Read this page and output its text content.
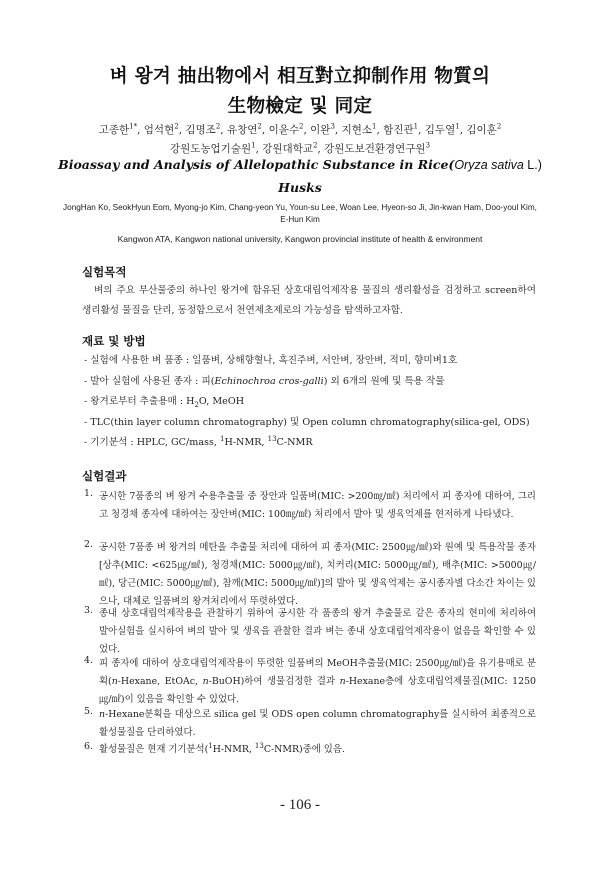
벼 왕겨 抽出物에서 相互對立抑制作用 物質의
生物檢定 및 同定
고종한$^{1*}$, 엄석현$^2$, 김명조$^2$, 유창연$^2$, 이윤수$^2$, 이완$^3$, 지현소$^1$, 함진관$^1$, 김두열$^1$, 김이훈$^2$
강원도농업기술원$^1$, 강원대학교$^2$, 강원도보건환경연구원$^3$
Bioassay and Analysis of Allelopathic Substance in Rice(Oryza sativa L.)
Husks
JongHan Ko, SeokHyun Eom, Myong-jo Kim, Chang-yeon Yu, Youn-su Lee, Woan Lee, Hyeon-so Ji, Jin-kwan Ham, Doo-youl Kim, E-Hun Kim
Kangwon ATA, Kangwon national university, Kangwon provincial institute of health & environment
실험목적
벼의 주요 부산물중의 하나인 왕겨에 함유된 상호대립억제작용 물질의 생리활성을 검정하고 screen하여 생리활성 물질을 단리, 동정함으로서 천연제초제로의 가능성을 탐색하고자함.
재료 및 방법
- 실험에 사용한 벼 품종 : 일품벼, 상해향혈나, 흑진주벼, 서안벼, 장안벼, 적미, 향미벼1호
- 발아 실험에 사용된 종자 : 피(Echinochroa cros-galli) 외 6개의 원예 및 특용 작물
- 왕겨로부터 추출용매 : $H_2O$, MeOH
- TLC(thin layer column chromatography) 및 Open column chromatography(silica-gel, ODS)
- 기기분석 : HPLC, GC/mass, $^1$H-NMR, $^{13}$C-NMR
실험결과
1. 공시한 7품종의 벼 왕겨 수용추출물 중 장안과 일품벼(MIC: >200㎎/㎖) 처리에서 피 종자에 대하여, 그리고 청경채 종자에 대하여는 장안벼(MIC: 100㎎/㎖) 처리에서 발아 및 생육억제를 현저하게 나타냈다.
2. 공시한 7품종 벼 왕겨의 메탄올 추출물 처리에 대하여 피 종자(MIC: 2500㎍/㎖)와 원예 및 특용작물 종자[상추(MIC: <625㎍/㎖), 청경채(MIC: 5000㎍/㎖), 치커리(MIC: 5000㎍/㎖), 배추(MIC: >5000㎍/㎖), 당근(MIC: 5000㎍/㎖), 참깨(MIC: 5000㎍/㎖)]의 발아 및 생육억제는 공시종자별 다소간 차이는 있으나, 대체로 일품벼의 왕겨처리에서 뚜렷하였다.
3. 종내 상호대립억제작용을 관찰하기 위하여 공시한 각 품종의 왕겨 추출물로 같은 종자의 현미에 처리하여 발아실험을 실시하여 벼의 발아 및 생육을 관찰한 결과 벼는 종내 상호대립억제작용이 없음을 확인할 수 있었다.
4. 피 종자에 대하여 상호대립억제작용이 뚜렷한 일품벼의 MeOH추출물(MIC: 2500㎍/㎖)을 유기용매로 분획(n-Hexane, EtOAc, n-BuOH)하여 생물검정한 결과 n-Hexane층에 상호대립억제물질(MIC: 1250㎍/㎖)이 있음을 확인할 수 있었다.
5. n-Hexane분획을 대상으로 silica gel 및 ODS open column chromatography를 실시하여 최종적으로 활성물질을 단리하였다.
6. 활성물질은 현재 기기분석($^1$H-NMR, $^{13}$C-NMR)중에 있음.
- 106 -
